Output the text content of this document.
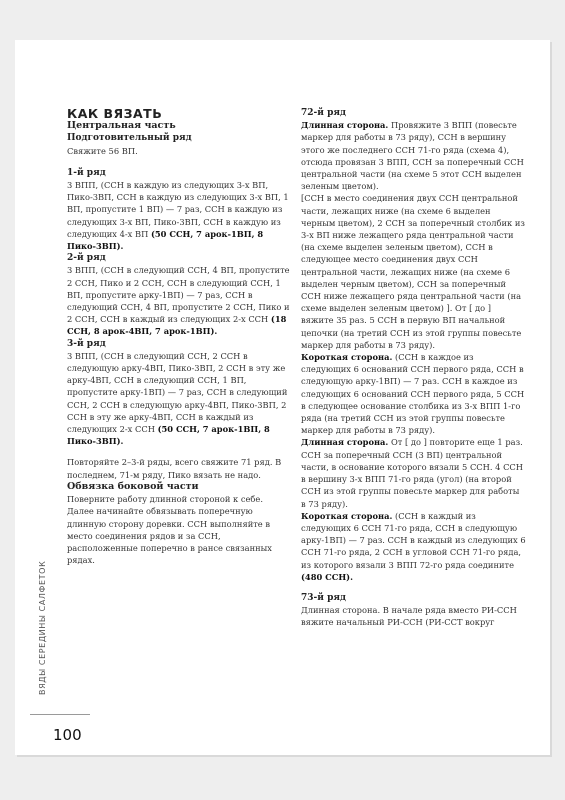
КАК ВЯЗАТЬ

Центральная часть

Подготовительный ряд

Свяжите 56 ВП.

1-й ряд

3 ВПП, (ССН в каждую из следующих 3-х ВП, Пико-3ВП, ССН в каждую из следующих 3-х ВП, 1 ВП, пропустите 1 ВП) — 7 раз, ССН в каждую из следующих 3-х ВП, Пико-3ВП, ССН в каждую из следующих 4-х ВП (50 ССН, 7 арок-1ВП, 8 Пико-3ВП).

2-й ряд

3 ВПП, (ССН в следующий ССН, 4 ВП, пропустите 2 ССН, Пико и 2 ССН, ССН в следующий ССН, 1 ВП, пропустите арку-1ВП) — 7 раз, ССН в следующий ССН, 4 ВП, пропустите 2 ССН, Пико и 2 ССН, ССН в каждый из следующих 2-х ССН (18 ССН, 8 арок-4ВП, 7 арок-1ВП).

3-й ряд

3 ВПП, (ССН в следующий ССН, 2 ССН в следующую арку-4ВП, Пико-3ВП, 2 ССН в эту же арку-4ВП, ССН в следующий ССН, 1 ВП, пропустите арку-1ВП) — 7 раз, ССН в следующий ССН, 2 ССН в следующую арку-4ВП, Пико-3ВП, 2 ССН в эту же арку-4ВП, ССН в каждый из следующих 2-х ССН (50 ССН, 7 арок-1ВП, 8 Пико-3ВП).

Повторяйте 2–3-й ряды, всего свяжите 71 ряд. В последнем, 71-м ряду, Пико вязать не надо.

Обвязка боковой части

Поверните работу длинной стороной к себе. Далее начинайте обвязывать поперечную длинную сторону доревки. ССН выполняйте в место соединения рядов и за ССН, расположенные поперечно в рансе связанных рядах.

72-й ряд

Длинная сторона. Провяжите 3 ВПП (повесьте маркер для работы в 73 ряду), ССН в вершину этого же последнего ССН 71-го ряда (схема 4), отсюда провязан 3 ВПП, ССН за поперечный ССН центральной части (на схеме 5 этот ССН выделен зеленым цветом).

[ССН в место соединения двух ССН центральной части, лежащих ниже (на схеме 6 выделен черным цветом), 2 ССН за поперечный столбик из 3-х ВП ниже лежащего ряда центральной части (на схеме выделен зеленым цветом), ССН в следующее место соединения двух ССН центральной части, лежащих ниже (на схеме 6 выделен черным цветом), ССН за поперечный ССН ниже лежащего ряда центральной части (на схеме выделен зеленым цветом) ]. От [ до ] вяжите 35 раз. 5 ССН в первую ВП начальной цепочки (на третий ССН из этой группы повесьте маркер для работы в 73 ряду).

Короткая сторона. (ССН в каждое из следующих 6 оснований ССН первого ряда, ССН в следующую арку-1ВП) — 7 раз. ССН в каждое из следующих 6 оснований ССН первого ряда, 5 ССН в следующее основание столбика из 3-х ВПП 1-го ряда (на третий ССН из этой группы повесьте маркер для работы в 73 ряду).

Длинная сторона. От [ до ] повторите еще 1 раз. ССН за поперечный ССН (3 ВП) центральной части, в основание которого вязали 5 ССН. 4 ССН в вершину 3-х ВПП 71-го ряда (угол) (на второй ССН из этой группы повесьте маркер для работы в 73 ряду).

Короткая сторона. (ССН в каждый из следующих 6 ССН 71-го ряда, ССН в следующую арку-1ВП) — 7 раз. ССН в каждый из следующих 6 ССН 71-го ряда, 2 ССН в угловой ССН 71-го ряда, из которого вязали 3 ВПП 72-го ряда соедините (480 ССН).

73-й ряд

Длинная сторона. В начале ряда вместо РИ-ССН вяжите начальный РИ-ССН (РИ-ССТ вокруг

ВЯДЫ СЕРЕДИНЫ САЛФЕТОК
100
